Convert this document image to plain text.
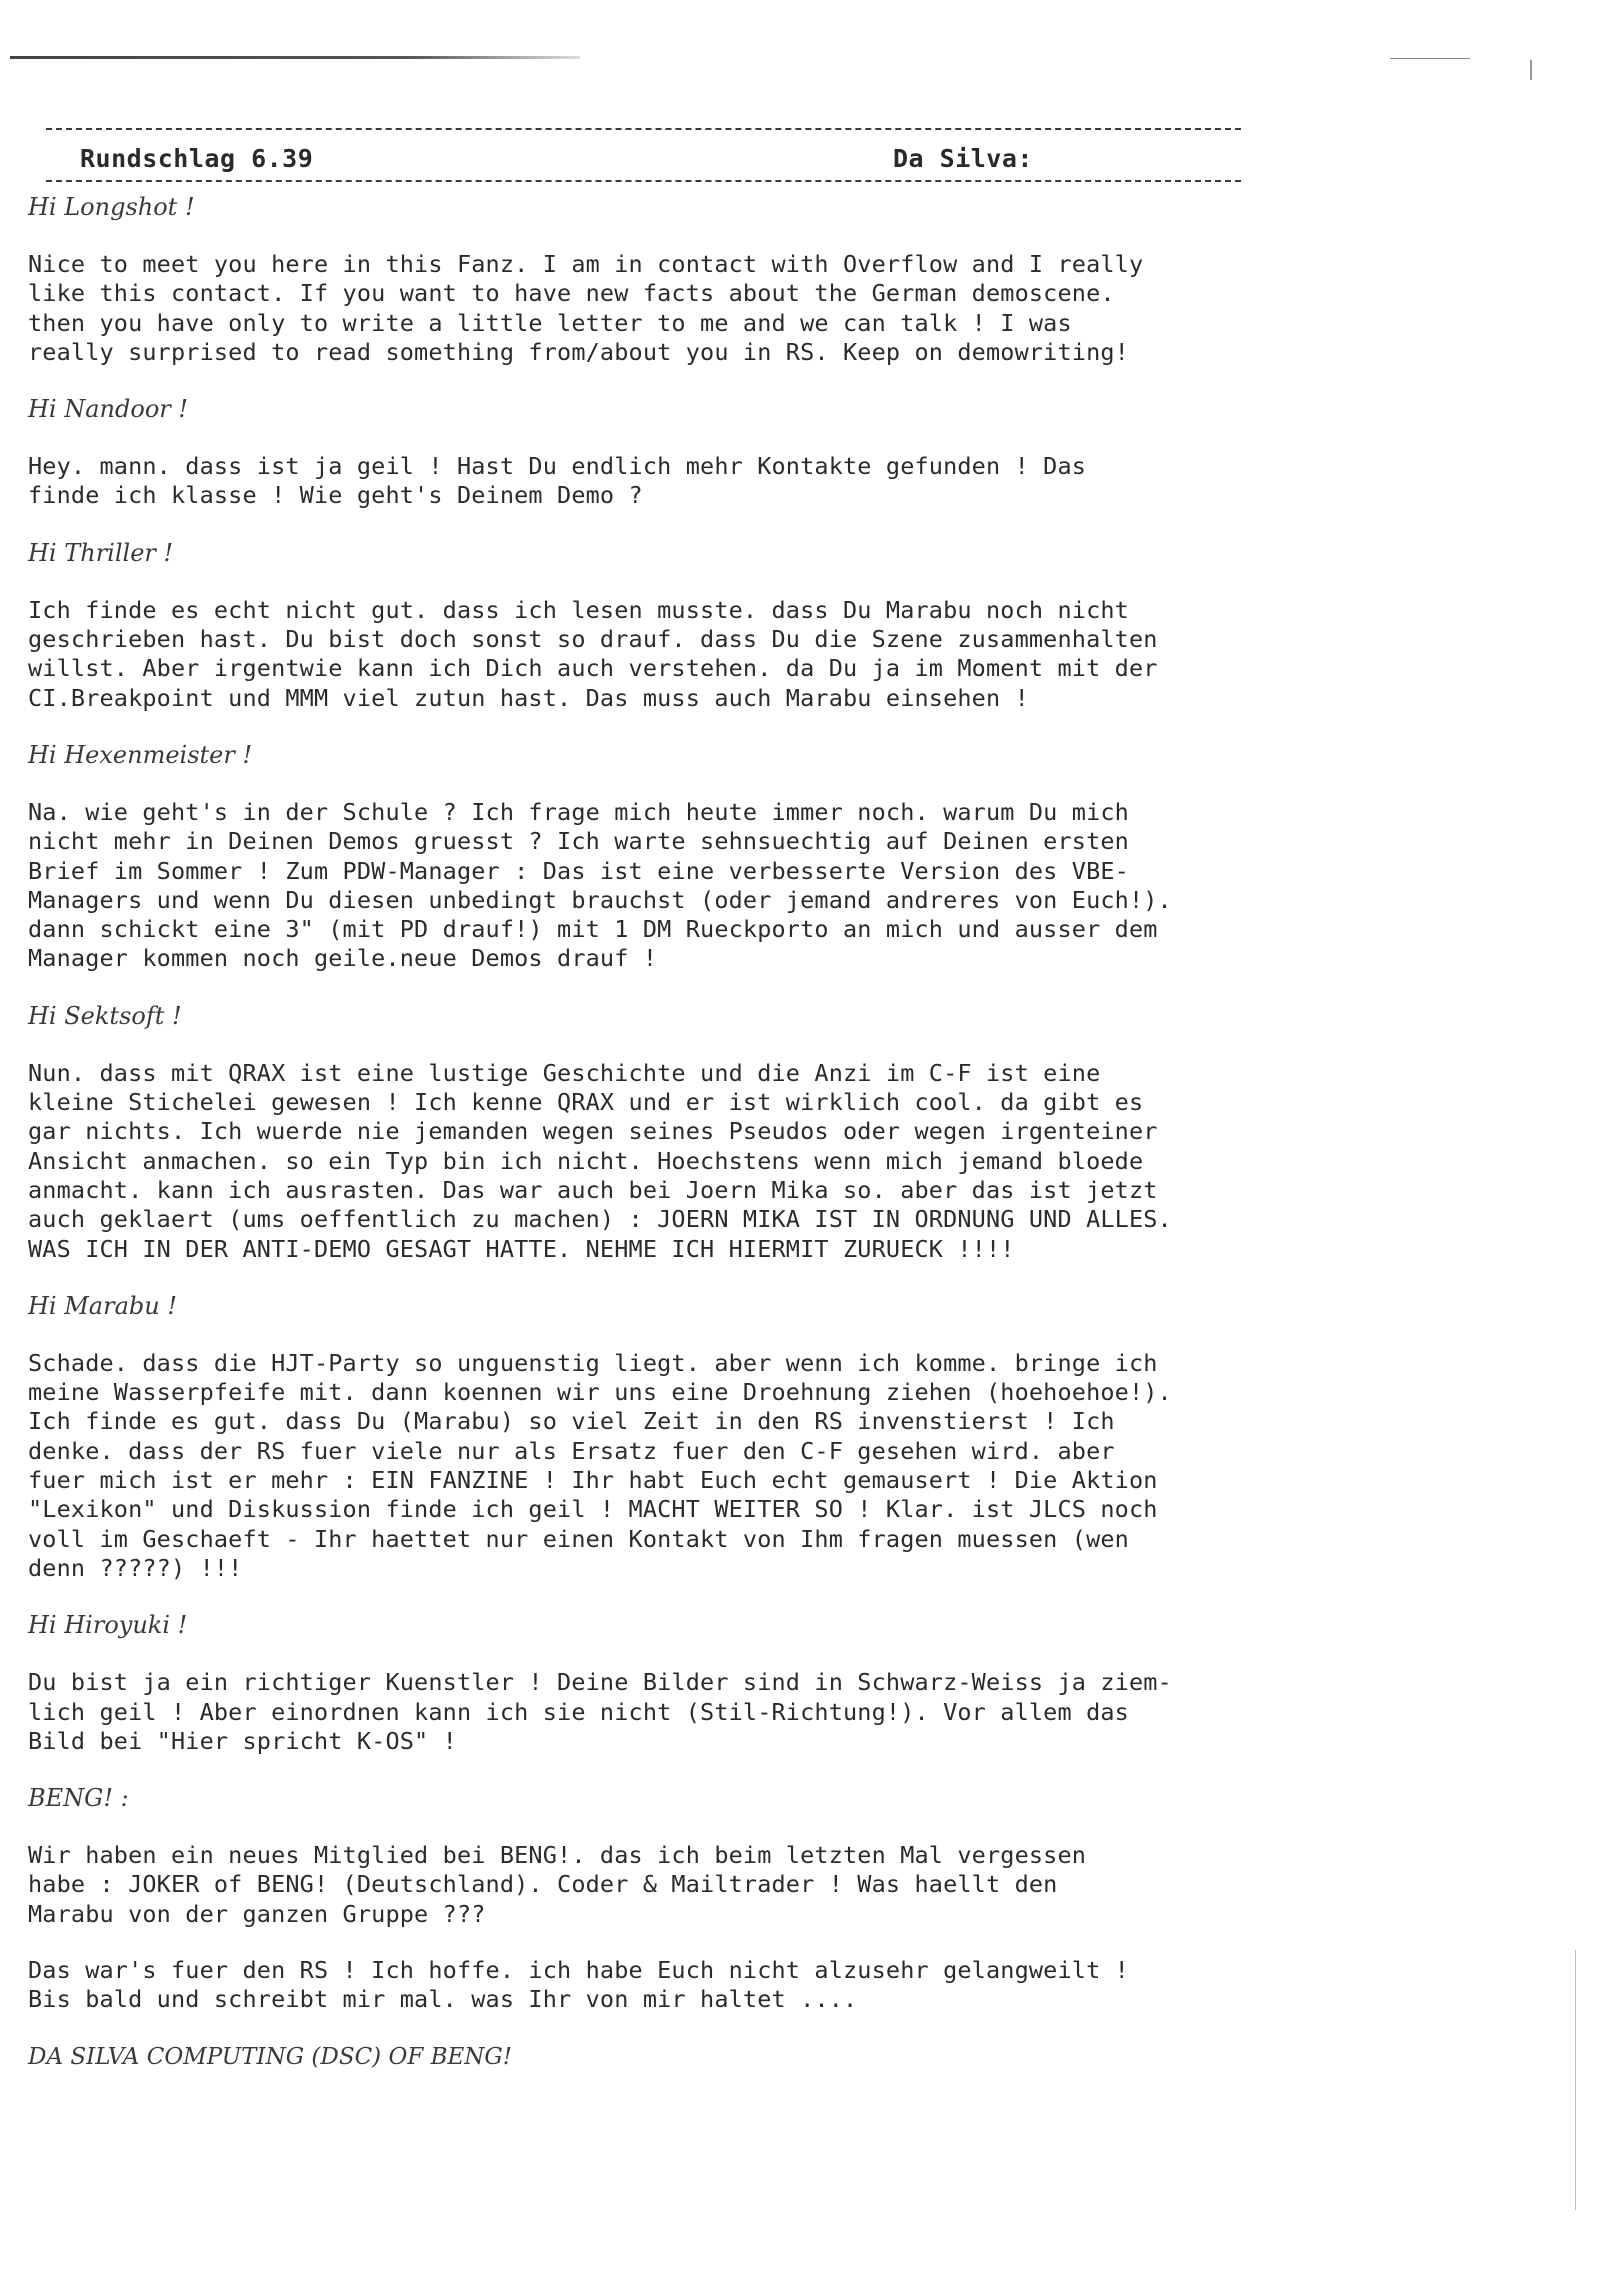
Rundschlag 6.39	Da Silva:
Hi Longshot !
Nice to meet you here in this Fanz. I am in contact with Overflow and I really
like this contact. If you want to have new facts about the German demoscene.
then you have only to write a little letter to me and we can talk ! I was
really surprised to read something from/about you in RS. Keep on demowriting!
Hi Nandoor !
Hey. mann. dass ist ja geil ! Hast Du endlich mehr Kontakte gefunden ! Das
finde ich klasse ! Wie geht's Deinem Demo ?
Hi Thriller !
Ich finde es echt nicht gut. dass ich lesen musste. dass Du Marabu noch nicht
geschrieben hast. Du bist doch sonst so drauf. dass Du die Szene zusammenhalten
willst. Aber irgentwie kann ich Dich auch verstehen. da Du ja im Moment mit der
CI.Breakpoint und MMM viel zutun hast. Das muss auch Marabu einsehen !
Hi Hexenmeister !
Na. wie geht's in der Schule ? Ich frage mich heute immer noch. warum Du mich
nicht mehr in Deinen Demos gruesst ? Ich warte sehnsuechtig auf Deinen ersten
Brief im Sommer ! Zum PDW-Manager : Das ist eine verbesserte Version des VBE-
Managers und wenn Du diesen unbedingt brauchst (oder jemand andreres von Euch!).
dann schickt eine 3" (mit PD drauf!) mit 1 DM Rueckporto an mich und ausser dem
Manager kommen noch geile.neue Demos drauf !
Hi Sektsoft !
Nun. dass mit QRAX ist eine lustige Geschichte und die Anzi im C-F ist eine
kleine Stichelei gewesen ! Ich kenne QRAX und er ist wirklich cool. da gibt es
gar nichts. Ich wuerde nie jemanden wegen seines Pseudos oder wegen irgenteiner
Ansicht anmachen. so ein Typ bin ich nicht. Hoechstens wenn mich jemand bloede
anmacht. kann ich ausrasten. Das war auch bei Joern Mika so. aber das ist jetzt
auch geklaert (ums oeffentlich zu machen) : JOERN MIKA IST IN ORDNUNG UND ALLES.
WAS ICH IN DER ANTI-DEMO GESAGT HATTE. NEHME ICH HIERMIT ZURUECK !!!!
Hi Marabu !
Schade. dass die HJT-Party so unguenstig liegt. aber wenn ich komme. bringe ich
meine Wasserpfeife mit. dann koennen wir uns eine Droehnung ziehen (hoehoehoe!).
Ich finde es gut. dass Du (Marabu) so viel Zeit in den RS invenstierst ! Ich
denke. dass der RS fuer viele nur als Ersatz fuer den C-F gesehen wird. aber
fuer mich ist er mehr : EIN FANZINE ! Ihr habt Euch echt gemausert ! Die Aktion
"Lexikon" und Diskussion finde ich geil ! MACHT WEITER SO ! Klar. ist JLCS noch
voll im Geschaeft - Ihr haettet nur einen Kontakt von Ihm fragen muessen (wen
denn ?????) !!!
Hi Hiroyuki !
Du bist ja ein richtiger Kuenstler ! Deine Bilder sind in Schwarz-Weiss ja ziem-
lich geil ! Aber einordnen kann ich sie nicht (Stil-Richtung!). Vor allem das
Bild bei "Hier spricht K-OS" !
BENG! :
Wir haben ein neues Mitglied bei BENG!. das ich beim letzten Mal vergessen
habe : JOKER of BENG! (Deutschland). Coder & Mailtrader ! Was haellt den
Marabu von der ganzen Gruppe ???
Das war's fuer den RS ! Ich hoffe. ich habe Euch nicht alzusehr gelangweilt !
Bis bald und schreibt mir mal. was Ihr von mir haltet ....
DA SILVA COMPUTING (DSC) OF BENG!
